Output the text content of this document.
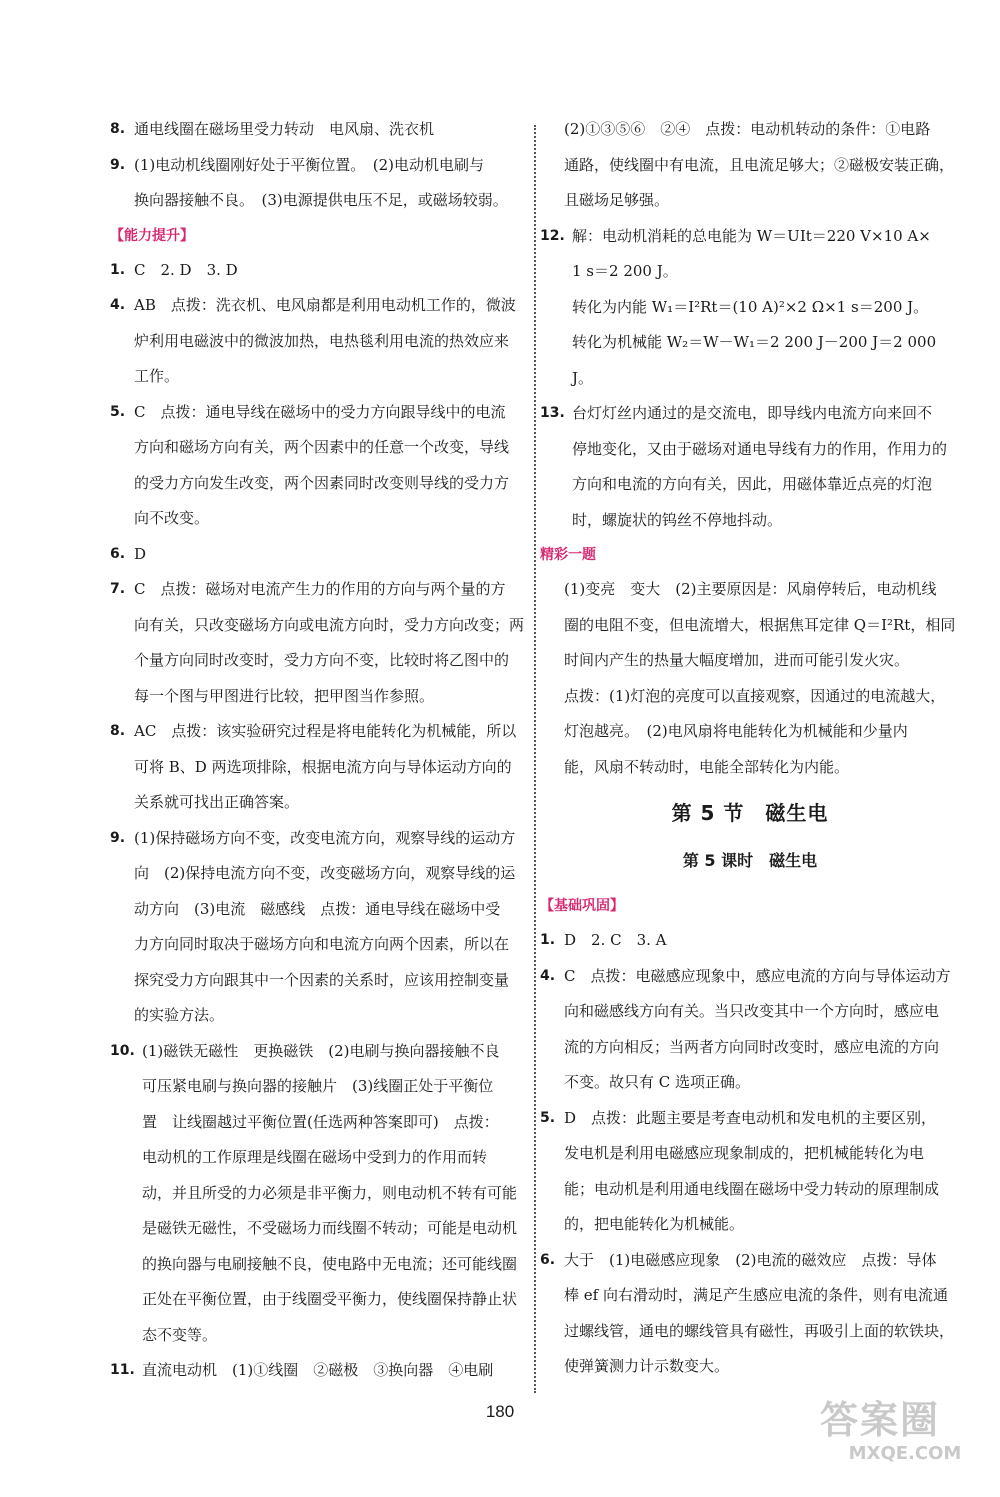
8. 通电线圈在磁场里受力转动　电风扇、洗衣机
9. (1)电动机线圈刚好处于平衡位置。　(2)电动机电刷与
换向器接触不良。　(3)电源提供电压不足，或磁场较弱。

【能力提升】

1. C　2. D　3. D
4. AB　点拨：洗衣机、电风扇都是利用电动机工作的，微波
炉利用电磁波中的微波加热，电热毯利用电流的热效应来
工作。
5. C　点拨：通电导线在磁场中的受力方向跟导线中的电流
方向和磁场方向有关，两个因素中的任意一个改变，导线
的受力方向发生改变，两个因素同时改变则导线的受力方
向不改变。
6. D
7. C　点拨：磁场对电流产生力的作用的方向与两个量的方
向有关，只改变磁场方向或电流方向时，受力方向改变；两
个量方向同时改变时，受力方向不变，比较时将乙图中的
每一个图与甲图进行比较，把甲图当作参照。
8. AC　点拨：该实验研究过程是将电能转化为机械能，所以
可将 B、D 两选项排除，根据电流方向与导体运动方向的
关系就可找出正确答案。
9. (1)保持磁场方向不变，改变电流方向，观察导线的运动方
向　(2)保持电流方向不变，改变磁场方向，观察导线的运
动方向　(3)电流　磁感线　点拨：通电导线在磁场中受
力方向同时取决于磁场方向和电流方向两个因素，所以在
探究受力方向跟其中一个因素的关系时，应该用控制变量
的实验方法。
10. (1)磁铁无磁性　更换磁铁　(2)电刷与换向器接触不良
可压紧电刷与换向器的接触片　(3)线圈正处于平衡位
置　让线圈越过平衡位置(任选两种答案即可)　点拨：
电动机的工作原理是线圈在磁场中受到力的作用而转
动，并且所受的力必须是非平衡力，则电动机不转有可能
是磁铁无磁性，不受磁场力而线圈不转动；可能是电动机
的换向器与电刷接触不良，使电路中无电流；还可能线圈
正处在平衡位置，由于线圈受平衡力，使线圈保持静止状
态不变等。
11. 直流电动机　(1)①线圈　②磁极　③换向器　④电刷
(2)①③⑤⑥　②④　点拨：电动机转动的条件：①电路
通路，使线圈中有电流，且电流足够大；②磁极安装正确，
且磁场足够强。
12. 解：电动机消耗的总电能为 W＝UIt＝220 V×10 A×
1 s＝2 200 J。
转化为内能 W₁＝I²Rt＝(10 A)²×2 Ω×1 s＝200 J。
转化为机械能 W₂＝W－W₁＝2 200 J－200 J＝2 000 J。
13. 台灯灯丝内通过的是交流电，即导线内电流方向来回不
停地变化，又由于磁场对通电导线有力的作用，作用力的
方向和电流的方向有关，因此，用磁体靠近点亮的灯泡
时，螺旋状的钨丝不停地抖动。

精彩一题

(1)变亮　变大　(2)主要原因是：风扇停转后，电动机线
圈的电阻不变，但电流增大，根据焦耳定律 Q＝I²Rt，相同
时间内产生的热量大幅度增加，进而可能引发火灾。
点拨：(1)灯泡的亮度可以直接观察，因通过的电流越大，
灯泡越亮。　(2)电风扇将电能转化为机械能和少量内
能，风扇不转动时，电能全部转化为内能。
第 5 节　磁生电
第 5 课时　磁生电

【基础巩固】

1. D　2. C　3. A
4. C　点拨：电磁感应现象中，感应电流的方向与导体运动方
向和磁感线方向有关。当只改变其中一个方向时，感应电
流的方向相反；当两者方向同时改变时，感应电流的方向
不变。故只有 C 选项正确。
5. D　点拨：此题主要是考查电动机和发电机的主要区别，
发电机是利用电磁感应现象制成的，把机械能转化为电
能；电动机是利用通电线圈在磁场中受力转动的原理制成
的，把电能转化为机械能。
6. 大于　(1)电磁感应现象　(2)电流的磁效应　点拨：导体
棒 ef 向右滑动时，满足产生感应电流的条件，则有电流通
过螺线管，通电的螺线管具有磁性，再吸引上面的软铁块，
使弹簧测力计示数变大。
180	答案圈
MXQE.COM
